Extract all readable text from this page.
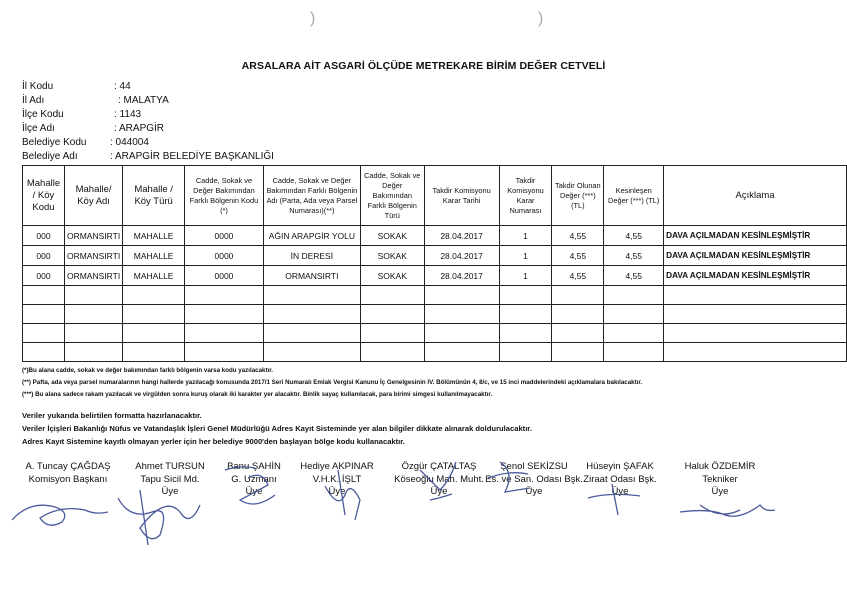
)	)
ARSALARA AİT ASGARİ ÖLÇÜDE METREKARE BİRİM DEĞER CETVELİ
İl Kodu	: 44
İl Adı	: MALATYA
İlçe Kodu	: 1143
İlçe Adı	: ARAPGİR
Belediye Kodu : 044004
Belediye Adı	: ARAPGİR BELEDİYE BAŞKANLIĞI
Mahalle / Köy Kodu	Mahalle/ Köy Adı	Mahalle / Köy Türü	Cadde, Sokak ve Değer Bakımından Farklı Bölgenin Kodu (*)	Cadde, Sokak ve Değer Bakımından Farklı Bölgenin Adı (Parta, Ada veya Parsel Numarası)(**)	Cadde, Sokak ve Değer Bakımından Farklı Bölgenin Türü	Takdir Komisyonu Karar Tarihi	Takdir Komisyonu Karar Numarası	Takdir Olunan Değer (***) (TL)	Kesinleşen Değer (***) (TL)	Açıklama
000	ORMANSIRTI	MAHALLE	0000	AĞIN ARAPGİR YOLU	SOKAK	28.04.2017	1	4,55	4,55	DAVA AÇILMADAN KESİNLEŞMİŞTİR
000	ORMANSIRTI	MAHALLE	0000	İN DERESİ	SOKAK	28.04.2017	1	4,55	4,55	DAVA AÇILMADAN KESİNLEŞMİŞTİR
000	ORMANSIRTI	MAHALLE	0000	ORMANSIRTI	SOKAK	28.04.2017	1	4,55	4,55	DAVA AÇILMADAN KESİNLEŞMİŞTİR

(*)Bu alana cadde, sokak ve değer bakımından farklı bölgenin varsa kodu yazılacaktır.
(**) Pafta, ada veya parsel numaralarının hangi hallerde yazılacağı konusunda 2017/1 Seri Numaralı Emlak Vergisi Kanunu İç Genelgesinin IV. Bölümünün 4, 8/c, ve 15 inci maddelerindeki açıklamalara bakılacaktır.
(***) Bu alana sadece rakam yazılacak ve virgülden sonra kuruş olarak iki karakter yer alacaktır. Binlik sayaç kullanılacak, para birimi simgesi kullanılmayacaktır.
Veriler yukarıda belirtilen formatta hazırlanacaktır.
Veriler İçişleri Bakanlığı Nüfus ve Vatandaşlık İşleri Genel Müdürlüğü Adres Kayıt Sisteminde yer alan bilgiler dikkate alınarak doldurulacaktır.
Adres Kayıt Sistemine kayıtlı olmayan yerler için her belediye 9000'den başlayan bölge kodu kullanacaktır.
A. Tuncay ÇAĞDAŞ
Komisyon Başkanı

Ahmet TURSUN
Tapu Sicil Md.
Üye
Banu ŞAHİN
G. Uzmanı
Üye
Hediye AKPINAR
V.H.K. İŞLT
Üye
Özgür ÇATALTAŞ
Köseoğlu Mah. Muht.
Üye
Şenol SEKİZSU
Es. ve San. Odası Bşk.
Üye
Hüseyin ŞAFAK
Ziraat Odası Bşk.
Üye
Haluk ÖZDEMİR
Tekniker
Üye
